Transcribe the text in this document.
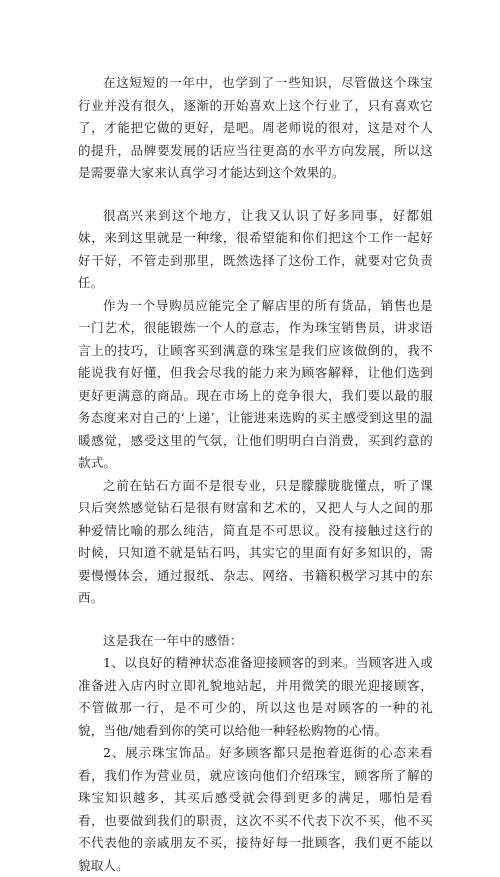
在这短短的一年中，也学到了一些知识，尽管做这个珠宝行业并没有很久，逐渐的开始喜欢上这个行业了，只有喜欢它了，才能把它做的更好，是吧。周老师说的很对，这是对个人的提升，品牌要发展的话应当往更高的水平方向发展，所以这是需要靠大家来认真学习才能达到这个效果的。

很高兴来到这个地方，让我又认识了好多同事，好都姐妹，来到这里就是一种缘，很希望能和你们把这个工作一起好好干好，不管走到那里，既然选择了这份工作，就要对它负责任。

作为一个导购员应能完全了解店里的所有货品，销售也是一门艺术，很能锻炼一个人的意志，作为珠宝销售员，讲求语言上的技巧，让顾客买到满意的珠宝是我们应该做倒的，我不能说我有好懂，但我会尽我的能力来为顾客解释，让他们选到更好更满意的商品。现在市场上的竞争很大，我们要以最的服务态度来对自己的‘上递’，让能进来选购的买主感受到这里的温暖感觉，感受这里的气氛，让他们明明白白消费，买到约意的款式。

之前在钻石方面不是很专业，只是朦朦胧胧懂点，听了课只后突然感觉钻石是很有财富和艺术的，又把人与人之间的那种爱情比喻的那么纯洁，简直是不可思议。没有接触过这行的时候，只知道不就是钻石吗，其实它的里面有好多知识的，需要慢慢体会，通过报纸、杂志、网络、书籍积极学习其中的东西。

这是我在一年中的感悟：

1、以良好的精神状态准备迎接顾客的到来。当顾客进入或准备进入店内时立即礼貌地站起，并用微笑的眼光迎接顾客，不管做那一行，是不可少的，所以这也是对顾客的一种的礼貌，当他/她看到你的笑可以给他一种轻松购物的心情。

2、展示珠宝饰品。好多顾客都只是抱着逛街的心态来看看，我们作为营业员，就应该向他们介绍珠宝，顾客所了解的珠宝知识越多，其买后感受就会得到更多的满足，哪怕是看看，也要做到我们的职责，这次不买不代表下次不买，他不买不代表他的亲戚朋友不买，接待好每一批顾客，我们更不能以貌取人。
